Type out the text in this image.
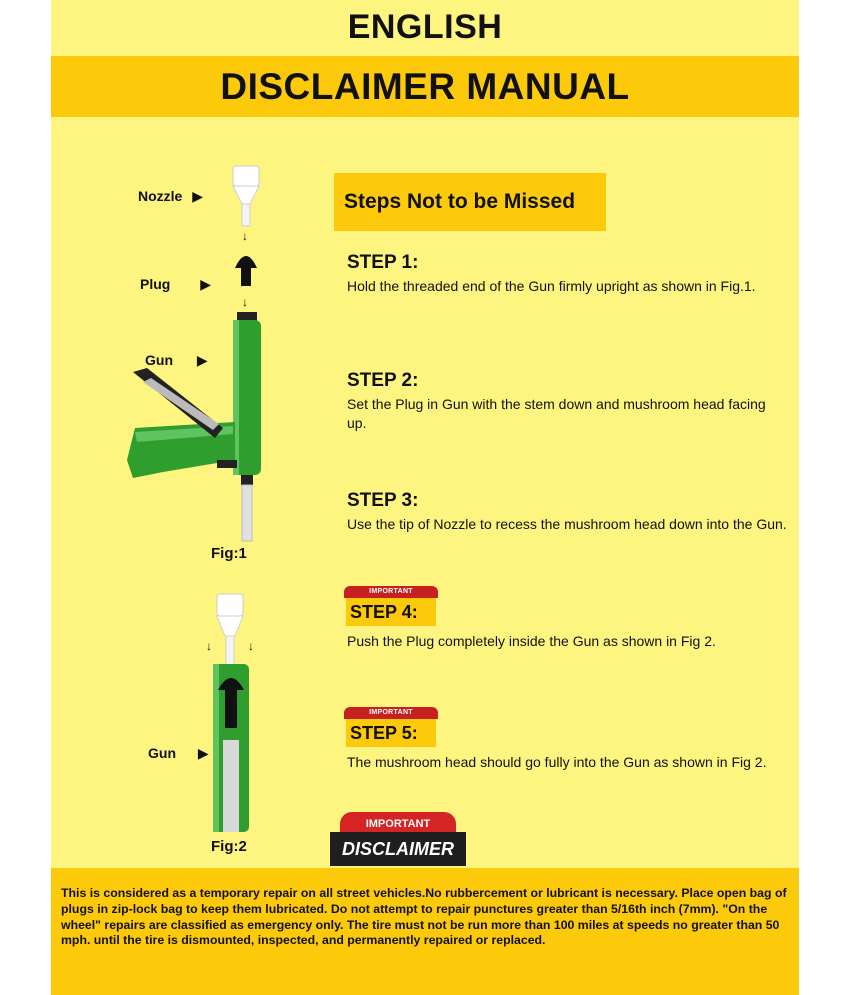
ENGLISH
DISCLAIMER MANUAL
Nozzle ▶
Plug ▶
Gun ▶
↓
↓
Fig:1
↓	↓
Gun ▶
Fig:2
Steps Not to be Missed
STEP 1:
Hold the threaded end of the Gun firmly upright as shown in Fig.1.
STEP 2:
Set the Plug in Gun with the stem down and mushroom head facing up.
STEP 3:
Use the tip of Nozzle to recess the mushroom head down into the Gun.
IMPORTANT
STEP 4:
Push the Plug completely inside the Gun as shown in Fig 2.
IMPORTANT
STEP 5:
The mushroom head should go fully into the Gun as shown in Fig 2.
IMPORTANT
DISCLAIMER

This is considered as a temporary repair on all street vehicles.No rubbercement or lubricant is necessary. Place open bag of plugs in zip-lock bag to keep them lubricated. Do not attempt to repair punctures greater than 5/16th inch (7mm). "On the wheel" repairs are classified as emergency only. The tire must not be run more than 100 miles at speeds no greater than 50 mph. until the tire is dismounted, inspected, and permanently repaired or replaced.
